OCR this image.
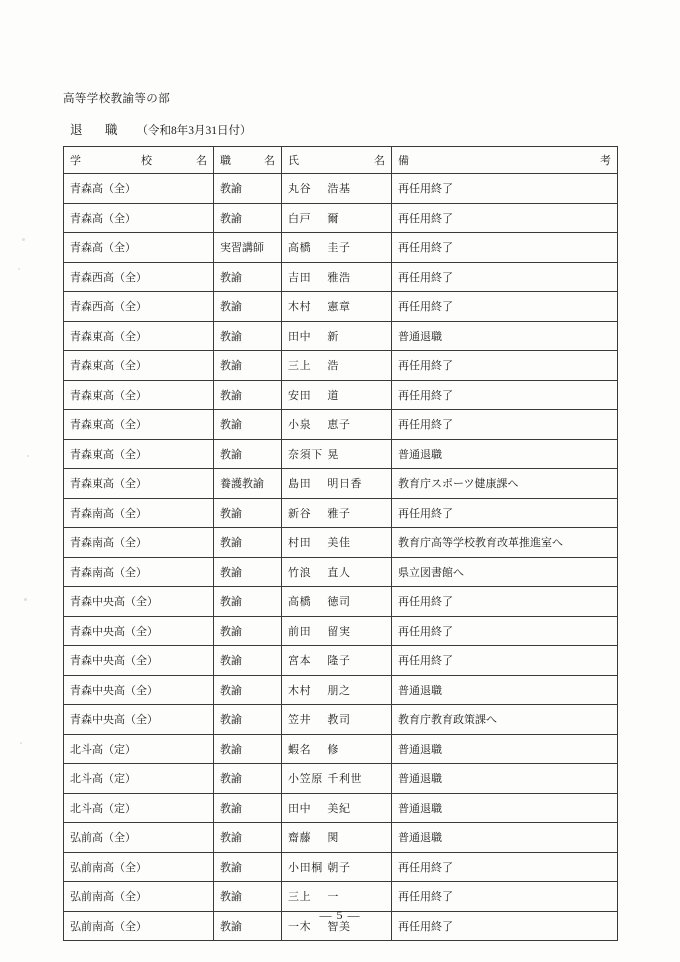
高等学校教諭等の部
退　職 （令和8年3月31日付）
学 校　　　　名	職 名	氏 名	備 考

青森高（全）	教諭	丸谷 浩基	再任用終了
青森高（全）	教諭	白戸 爾	再任用終了
青森高（全）	実習講師	高橋 圭子	再任用終了
青森西高（全）	教諭	吉田 雅浩	再任用終了
青森西高（全）	教諭	木村 憲章	再任用終了
青森東高（全）	教諭	田中 新	普通退職
青森東高（全）	教諭	三上 浩	再任用終了
青森東高（全）	教諭	安田 道	再任用終了
青森東高（全）	教諭	小泉 恵子	再任用終了
青森東高（全）	教諭	奈須下 晃	普通退職
青森東高（全）	養護教諭	島田 明日香	教育庁スポーツ健康課へ
青森南高（全）	教諭	新谷 雅子	再任用終了
青森南高（全）	教諭	村田 美佳	教育庁高等学校教育改革推進室へ
青森南高（全）	教諭	竹浪 直人	県立図書館へ
青森中央高（全）	教諭	高橋 徳司	再任用終了
青森中央高（全）	教諭	前田 留実	再任用終了
青森中央高（全）	教諭	宮本 隆子	再任用終了
青森中央高（全）	教諭	木村 朋之	普通退職
青森中央高（全）	教諭	笠井 教司	教育庁教育政策課へ
北斗高（定）	教諭	蝦名 修	普通退職
北斗高（定）	教諭	小笠原 千利世	普通退職
北斗高（定）	教諭	田中 美紀	普通退職
弘前高（全）	教諭	齋藤 関	普通退職
弘前南高（全）	教諭	小田桐 朝子	再任用終了
弘前南高（全）	教諭	三上 一	再任用終了
弘前南高（全）	教諭	一木 智美	再任用終了
― 5 ―
